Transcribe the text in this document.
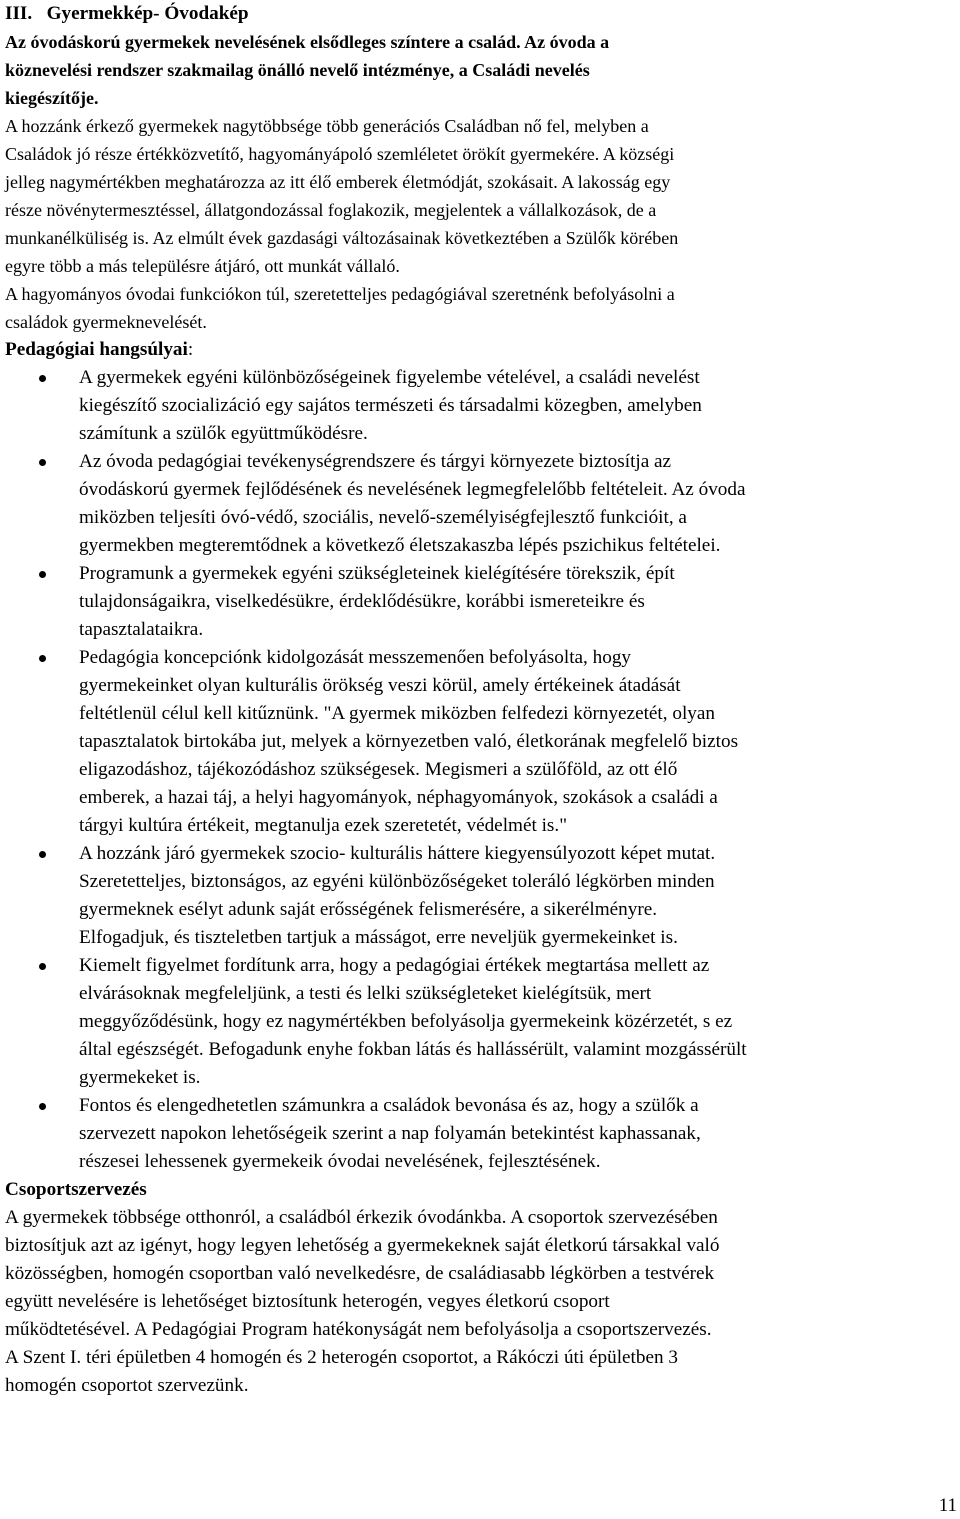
III. Gyermekkép- Óvodakép
Az óvodáskorú gyermekek nevelésének elsődleges színtere a család. Az óvoda a
köznevelési rendszer szakmailag önálló nevelő intézménye, a Családi nevelés
kiegészítője.
A hozzánk érkező gyermekek nagytöbbsége több generációs Családban nő fel, melyben a
Családok jó része értékközvetítő, hagyományápoló szemléletet örökít gyermekére. A községi
jelleg nagymértékben meghatározza az itt élő emberek életmódját, szokásait. A lakosság egy
része növénytermesztéssel, állatgondozással foglakozik, megjelentek a vállalkozások, de a
munkanélküliség is. Az elmúlt évek gazdasági változásainak következtében a Szülők körében
egyre több a más településre átjáró, ott munkát vállaló.
A hagyományos óvodai funkciókon túl, szeretetteljes pedagógiával szeretnénk befolyásolni a
családok gyermeknevelését.
Pedagógiai hangsúlyai:
A gyermekek egyéni különbözőségeinek figyelembe vételével, a családi nevelést
kiegészítő szocializáció egy sajátos természeti és társadalmi közegben, amelyben
számítunk a szülők együttműködésre.
Az óvoda pedagógiai tevékenységrendszere és tárgyi környezete biztosítja az
óvodáskorú gyermek fejlődésének és nevelésének legmegfelelőbb feltételeit. Az óvoda
miközben teljesíti óvó-védő, szociális, nevelő-személyiségfejlesztő funkcióit, a
gyermekben megteremtődnek a következő életszakaszba lépés pszichikus feltételei.
Programunk a gyermekek egyéni szükségleteinek kielégítésére törekszik, épít
tulajdonságaikra, viselkedésükre, érdeklődésükre, korábbi ismereteikre és
tapasztalataikra.
Pedagógia koncepciónk kidolgozását messzemenően befolyásolta, hogy
gyermekeinket olyan kulturális örökség veszi körül, amely értékeinek átadását
feltétlenül célul kell kitűznünk. "A gyermek miközben felfedezi környezetét, olyan
tapasztalatok birtokába jut, melyek a környezetben való, életkorának megfelelő biztos
eligazodáshoz, tájékozódáshoz szükségesek. Megismeri a szülőföld, az ott élő
emberek, a hazai táj, a helyi hagyományok, néphagyományok, szokások a családi a
tárgyi kultúra értékeit, megtanulja ezek szeretetét, védelmét is."
A hozzánk járó gyermekek szocio- kulturális háttere kiegyensúlyozott képet mutat.
Szeretetteljes, biztonságos, az egyéni különbözőségeket toleráló légkörben minden
gyermeknek esélyt adunk saját erősségének felismerésére, a sikerélményre.
Elfogadjuk, és tiszteletben tartjuk a másságot, erre neveljük gyermekeinket is.
Kiemelt figyelmet fordítunk arra, hogy a pedagógiai értékek megtartása mellett az
elvárásoknak megfeleljünk, a testi és lelki szükségleteket kielégítsük, mert
meggyőződésünk, hogy ez nagymértékben befolyásolja gyermekeink közérzetét, s ez
által egészségét. Befogadunk enyhe fokban látás és hallássérült, valamint mozgássérült
gyermekeket is.
Fontos és elengedhetetlen számunkra a családok bevonása és az, hogy a szülők a
szervezett napokon lehetőségeik szerint a nap folyamán betekintést kaphassanak,
részesei lehessenek gyermekeik óvodai nevelésének, fejlesztésének.
Csoportszervezés
A gyermekek többsége otthonról, a családból érkezik óvodánkba. A csoportok szervezésében
biztosítjuk azt az igényt, hogy legyen lehetőség a gyermekeknek saját életkorú társakkal való
közösségben, homogén csoportban való nevelkedésre, de családiasabb légkörben a testvérek
együtt nevelésére is lehetőséget biztosítunk heterogén, vegyes életkorú csoport
működtetésével. A Pedagógiai Program hatékonyságát nem befolyásolja a csoportszervezés.
A Szent I. téri épületben 4 homogén és 2 heterogén csoportot, a Rákóczi úti épületben 3
homogén csoportot szervezünk.
11
